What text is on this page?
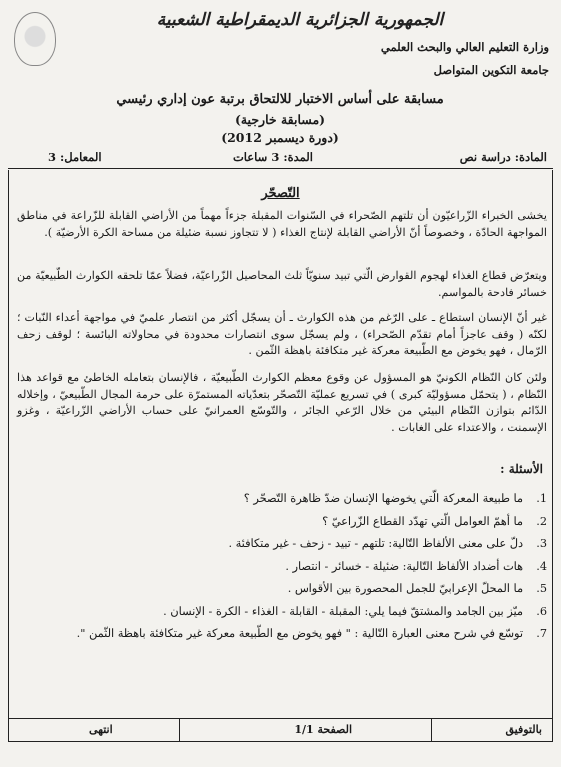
الجمهورية الجزائرية الديمقراطية الشعبية
وزارة التعليم العالي والبحث العلمي
جامعة التكوين المتواصل
مسابقة على أساس الاختبار للالتحاق برتبة عون إداري رئيسي
(مسابقة خارجية)
(دورة ديسمبر 2012)
المادة: دراسة نص
المدة: 3 ساعات
المعامل: 3
التّصحّر
يخشى الخبراء الزّراعيّون أن تلتهم الصّحراء في السّنوات المقبلة جزءاً مهماً من الأراضي القابلة للزّراعة في مناطق المواجهة الحادّة ، وخصوصاً أنّ الأراضي القابلة لإنتاج الغذاء ( لا تتجاوز نسبة ضئيلة من مساحة الكرة الأرضيّة ).
ويتعرّض قطاع الغذاء لهجوم القوارض الّتي تبيد سنويّاً ثلث المحاصيل الزّراعيّة، فضلاً عمّا تلحقه الكوارث الطّبيعيّة من خسائر فادحة بالمواسم.
غير أنّ الإنسان استطاع ـ على الرّغم من هذه الكوارث ـ أن يسجّل أكثر من انتصار علميّ في مواجهة أعداء النّبات ؛ لكنّه ( وقف عاجزاً أمام تقدّم الصّحراء) ، ولم يسجّل سوى انتصارات محدودة في محاولاته البائسة ؛ لوقف زحف الرّمال ، فهو يخوض مع الطّبيعة معركة غير متكافئة باهظة الثّمن .
ولئن كان النّظام الكونيّ هو المسؤول عن وقوع معظم الكوارث الطّبيعيّة ، فالإنسان بتعامله الخاطئ مع قواعد هذا النّظام ، ( يتحمّل مسؤوليّة كبرى ) في تسريع عمليّة التّصحّر بتعدّياته المستمرّة على حرمة المجال الطّبيعيّ ، وإخلاله الدّائم بتوازن النّظام البيئي من خلال الرّعي الجائر ، والتّوسّع العمرانيّ على حساب الأراضي الزّراعيّة ، وغزو الإسمنت ، والاعتداء على الغابات .
الأسئلة :
1.ما طبيعة المعركة الّتي يخوضها الإنسان ضدّ ظاهرة التّصحّر ؟
2.ما أهمّ العوامل الّتي تهدّد القطاع الزّراعيّ ؟
3.دلّ على معنى الألفاظ التّالية: تلتهم - تبيد - زحف - غير متكافئة .
4.هات أضداد الألفاظ التّالية: ضئيلة - خسائر - انتصار .
5.ما المحلّ الإعرابيّ للجمل المحصورة بين الأقواس .
6.ميّز بين الجامد والمشتقّ فيما يلي: المقبلة - القابلة - الغذاء - الكرة - الإنسان .
7.توسّع في شرح معنى العبارة التّالية : " فهو يخوض مع الطّبيعة معركة غير متكافئة باهظة الثّمن ".
بالتوفيق
الصفحة 1/1
انتهى
